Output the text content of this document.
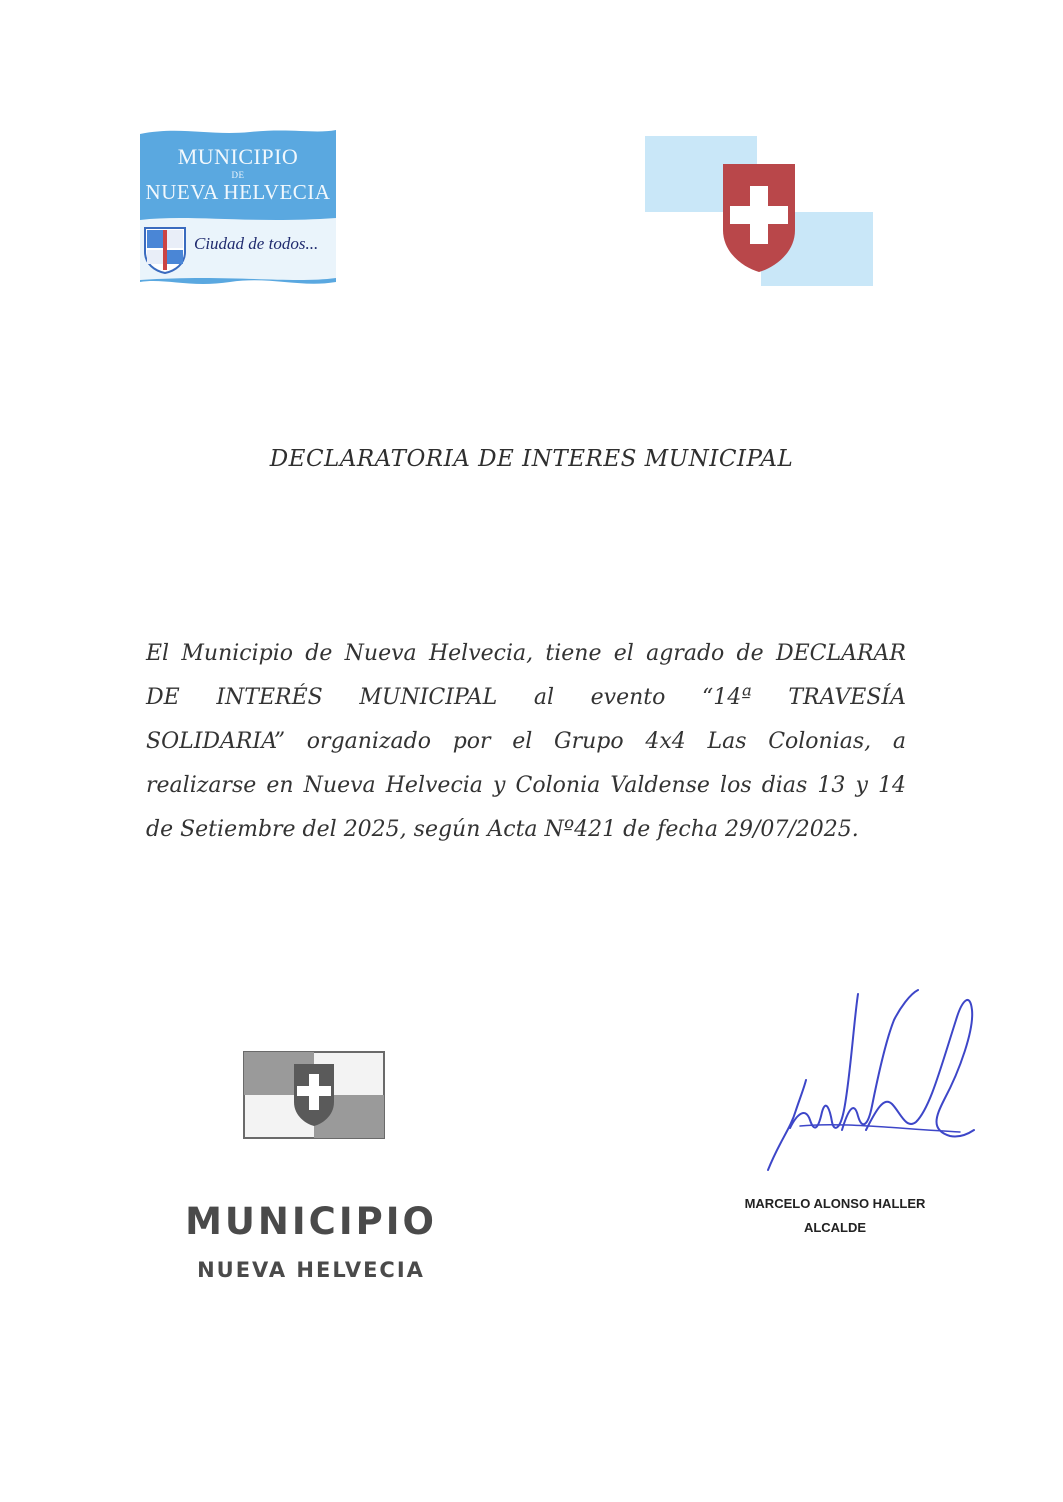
MUNICIPIO
DE
NUEVA HELVECIA
Ciudad de todos...
DECLARATORIA DE INTERES MUNICIPAL
El Municipio de Nueva Helvecia, tiene el agrado de DECLARAR
DE INTERÉS MUNICIPAL al evento “14ª TRAVESÍA
SOLIDARIA” organizado por el Grupo 4x4 Las Colonias, a
realizarse en Nueva Helvecia y Colonia Valdense los dias 13 y 14
de Setiembre del 2025, según Acta Nº421 de fecha 29/07/2025.
MUNICIPIO
NUEVA HELVECIA
MARCELO ALONSO HALLER
ALCALDE
